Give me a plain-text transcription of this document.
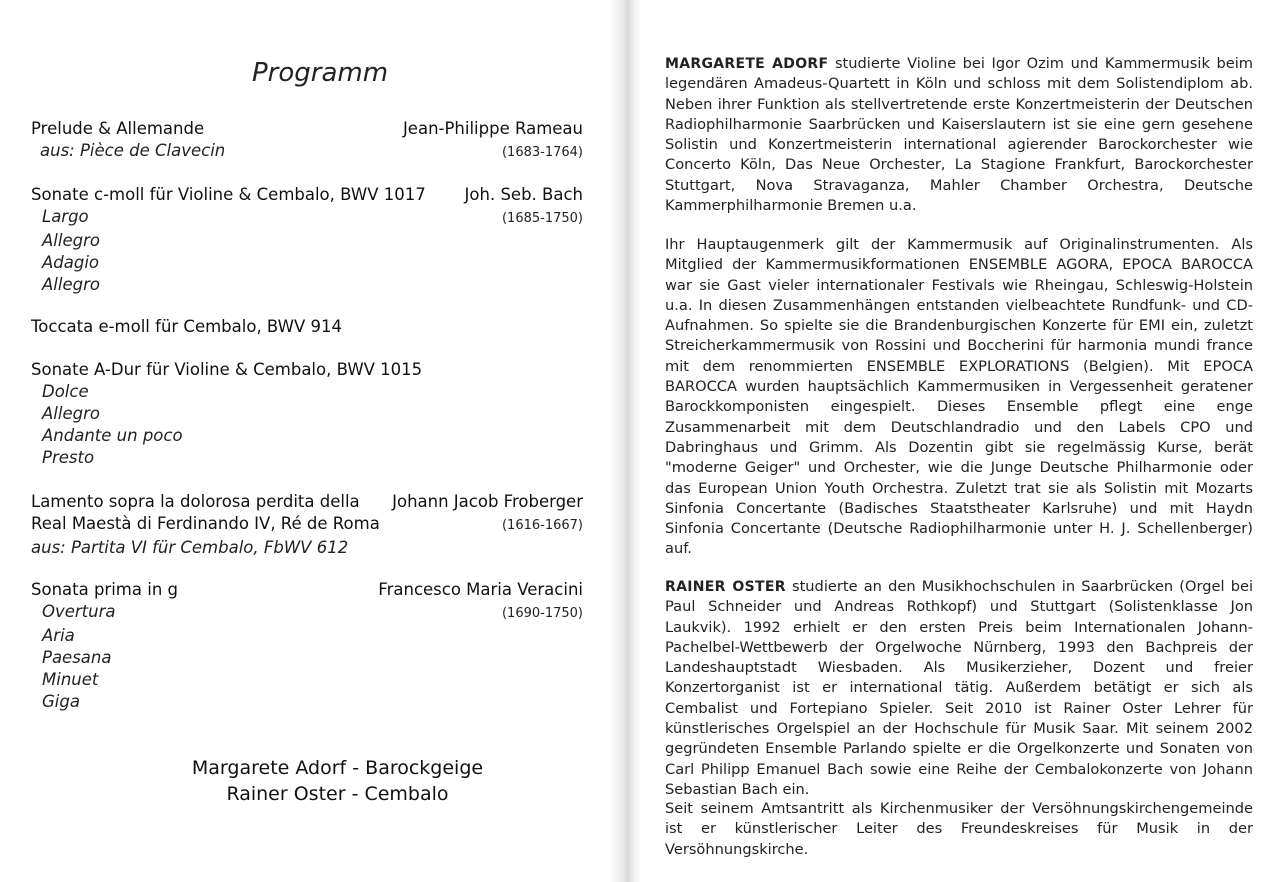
Programm
Prelude & Allemande	Jean-Philippe Rameau
aus: Pièce de Clavecin	(1683-1764)
Sonate c-moll für Violine & Cembalo, BWV 1017 Joh. Seb. Bach
Largo	(1685-1750)
Allegro
Adagio
Allegro
Toccata e-moll für Cembalo, BWV 914
Sonate A-Dur für Violine & Cembalo, BWV 1015
Dolce
Allegro
Andante un poco
Presto
Lamento sopra la dolorosa perdita della Johann Jacob Froberger
Real Maestà di Ferdinando IV, Ré de Roma	(1616-1667)
aus: Partita VI für Cembalo, FbWV 612
Sonata prima in g	Francesco Maria Veracini
Overtura	(1690-1750)
Aria
Paesana
Minuet
Giga
Margarete Adorf - Barockgeige
Rainer Oster - Cembalo
MARGARETE ADORF studierte Violine bei Igor Ozim und Kammermusik beim legendären Amadeus-Quartett in Köln und schloss mit dem Solistendiplom ab. Neben ihrer Funktion als stellvertretende erste Konzertmeisterin der Deutschen Radiophilharmonie Saarbrücken und Kaiserslautern ist sie eine gern gesehene Solistin und Konzertmeisterin international agierender Barockorchester wie Concerto Köln, Das Neue Orchester, La Stagione Frankfurt, Barockorchester Stuttgart, Nova Stravaganza, Mahler Chamber Orchestra, Deutsche Kammerphilharmonie Bremen u.a.
Ihr Hauptaugenmerk gilt der Kammermusik auf Originalinstrumenten. Als Mitglied der Kammermusikformationen ENSEMBLE AGORA, EPOCA BAROCCA war sie Gast vieler internationaler Festivals wie Rheingau, Schleswig-Holstein u.a. In diesen Zusammenhängen entstanden vielbeachtete Rundfunk- und CD-Aufnahmen. So spielte sie die Brandenburgischen Konzerte für EMI ein, zuletzt Streicherkammermusik von Rossini und Boccherini für harmonia mundi france mit dem renommierten ENSEMBLE EXPLORATIONS (Belgien). Mit EPOCA BAROCCA wurden hauptsächlich Kammermusiken in Vergessenheit geratener Barockkomponisten eingespielt. Dieses Ensemble pflegt eine enge Zusammenarbeit mit dem Deutschlandradio und den Labels CPO und Dabringhaus und Grimm. Als Dozentin gibt sie regelmässig Kurse, berät "moderne Geiger" und Orchester, wie die Junge Deutsche Philharmonie oder das European Union Youth Orchestra. Zuletzt trat sie als Solistin mit Mozarts Sinfonia Concertante (Badisches Staatstheater Karlsruhe) und mit Haydn Sinfonia Concertante (Deutsche Radiophilharmonie unter H. J. Schellenberger) auf.
RAINER OSTER studierte an den Musikhochschulen in Saarbrücken (Orgel bei Paul Schneider und Andreas Rothkopf) und Stuttgart (Solistenklasse Jon Laukvik). 1992 erhielt er den ersten Preis beim Internationalen Johann-Pachelbel-Wettbewerb der Orgelwoche Nürnberg, 1993 den Bachpreis der Landeshauptstadt Wiesbaden. Als Musikerzieher, Dozent und freier Konzertorganist ist er international tätig. Außerdem betätigt er sich als Cembalist und Fortepiano Spieler. Seit 2010 ist Rainer Oster Lehrer für künstlerisches Orgelspiel an der Hochschule für Musik Saar. Mit seinem 2002 gegründeten Ensemble Parlando spielte er die Orgelkonzerte und Sonaten von Carl Philipp Emanuel Bach sowie eine Reihe der Cembalokonzerte von Johann Sebastian Bach ein.
Seit seinem Amtsantritt als Kirchenmusiker der Versöhnungskirchengemeinde ist er künstlerischer Leiter des Freundeskreises für Musik in der Versöhnungskirche.
